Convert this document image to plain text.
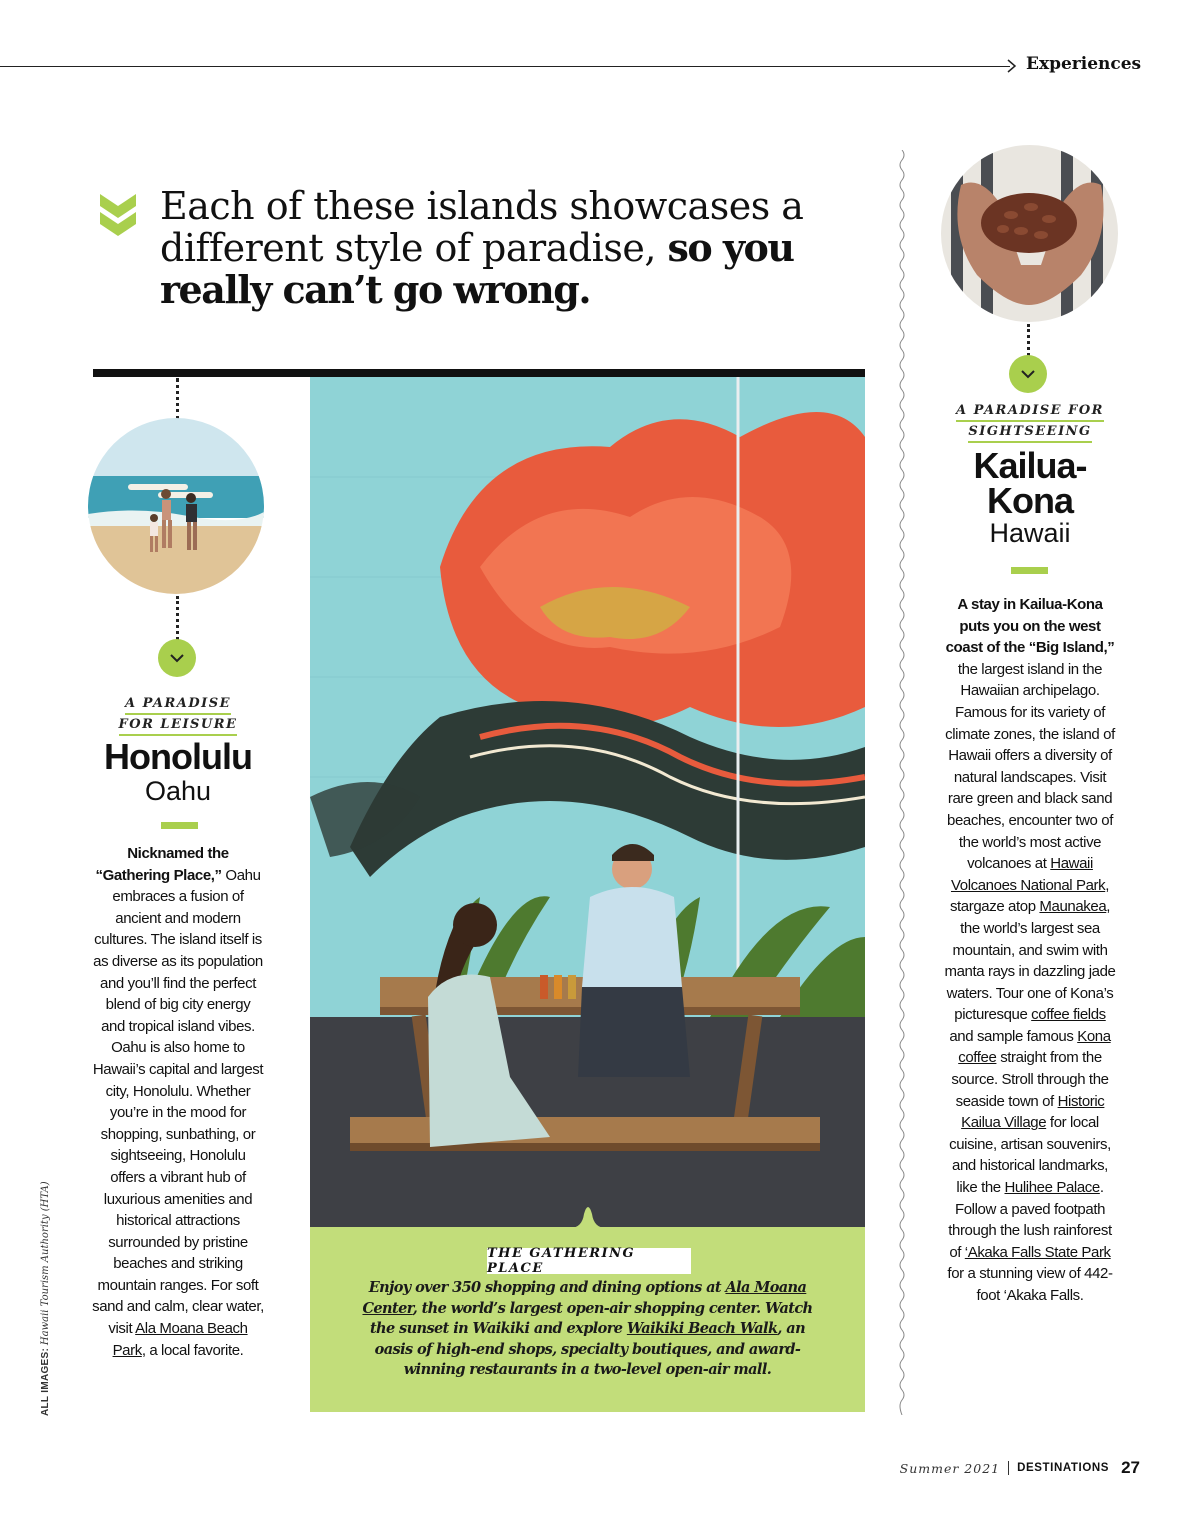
Experiences
Each of these islands showcases a different style of paradise, so you really can’t go wrong.
A PARADISE
FOR LEISURE
Honolulu
Oahu
Nicknamed the “Gathering Place,” Oahu embraces a fusion of ancient and modern cultures. The island itself is as diverse as its population and you’ll find the perfect blend of big city energy and tropical island vibes. Oahu is also home to Hawaii’s capital and largest city, Honolulu. Whether you’re in the mood for shopping, sunbathing, or sightseeing, Honolulu offers a vibrant hub of luxurious amenities and historical attractions surrounded by pristine beaches and striking mountain ranges. For soft sand and calm, clear water, visit Ala Moana Beach Park, a local favorite.
THE GATHERING PLACE
Enjoy over 350 shopping and dining options at Ala Moana Center, the world’s largest open-air shopping center. Watch the sunset in Waikiki and explore Waikiki Beach Walk, an oasis of high-end shops, specialty boutiques, and award-winning restaurants in a two-level open-air mall.
A PARADISE FOR
SIGHTSEEING
Kailua-
Kona
Hawaii
A stay in Kailua-Kona puts you on the west coast of the “Big Island,” the largest island in the Hawaiian archipelago. Famous for its variety of climate zones, the island of Hawaii offers a diversity of natural landscapes. Visit rare green and black sand beaches, encounter two of the world’s most active volcanoes at Hawaii Volcanoes National Park, stargaze atop Maunakea, the world’s largest sea mountain, and swim with manta rays in dazzling jade waters. Tour one of Kona’s picturesque coffee fields and sample famous Kona coffee straight from the source. Stroll through the seaside town of Historic Kailua Village for local cuisine, artisan souvenirs, and historical landmarks, like the Hulihee Palace. Follow a paved footpath through the lush rainforest of ‘Akaka Falls State Park for a stunning view of 442-foot ‘Akaka Falls.
ALL IMAGES: Hawaii Tourism Authority (HTA)
Summer 2021 DESTINATIONS 27
